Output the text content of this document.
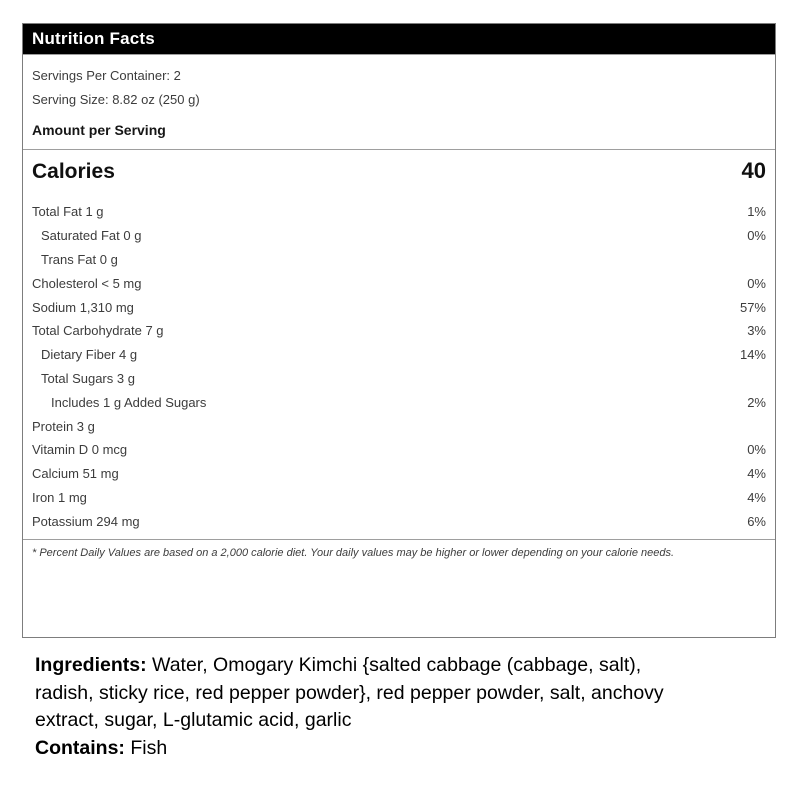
Nutrition Facts
Servings Per Container: 2
Serving Size: 8.82 oz (250 g)
Amount per Serving
Calories	40
Total Fat 1 g	1%
Saturated Fat 0 g	0%
Trans Fat 0 g
Cholesterol < 5 mg	0%
Sodium 1,310 mg	57%
Total Carbohydrate 7 g	3%
Dietary Fiber 4 g	14%
Total Sugars 3 g
Includes 1 g Added Sugars	2%
Protein 3 g
Vitamin D 0 mcg	0%
Calcium 51 mg	4%
Iron 1 mg	4%
Potassium 294 mg	6%
* Percent Daily Values are based on a 2,000 calorie diet. Your daily values may be higher or lower depending on your calorie needs.
Ingredients: Water, Omogary Kimchi {salted cabbage (cabbage, salt),
radish, sticky rice, red pepper powder}, red pepper powder, salt, anchovy
extract, sugar, L-glutamic acid, garlic
Contains: Fish
